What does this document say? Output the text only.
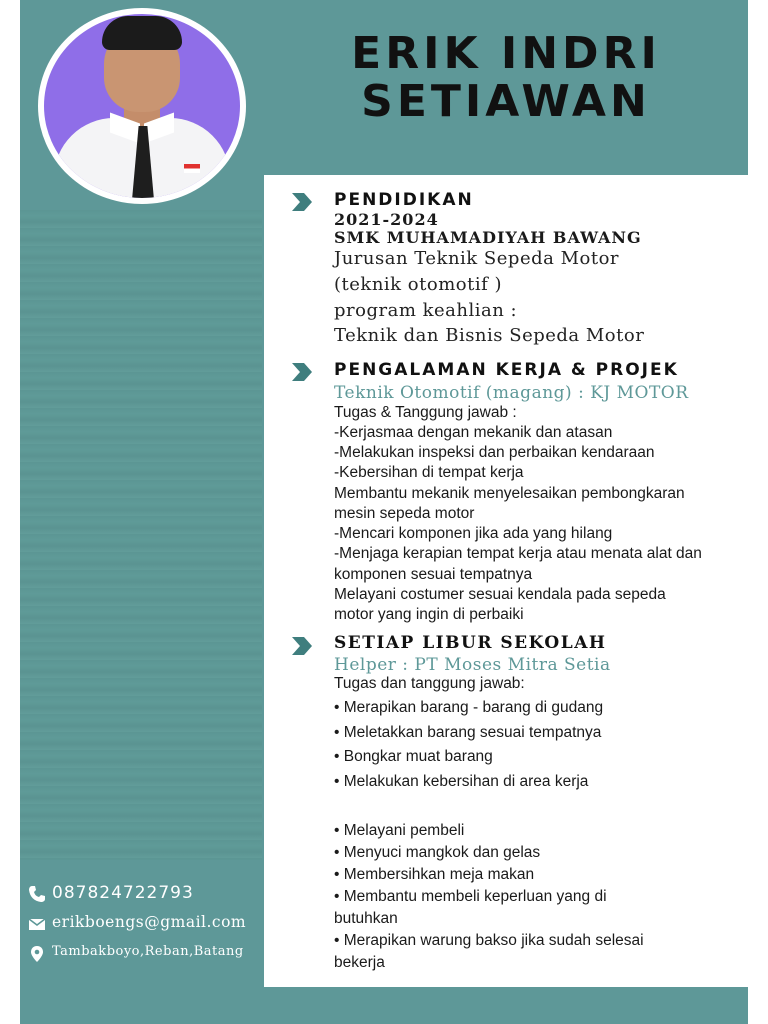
ERIK INDRI
SETIAWAN
PENDIDIKAN
2021-2024
SMK MUHAMADIYAH BAWANG
Jurusan Teknik Sepeda Motor
(teknik otomotif )
program keahlian :
Teknik dan Bisnis Sepeda Motor
PENGALAMAN KERJA & PROJEK
Teknik Otomotif (magang) : KJ MOTOR
Tugas & Tanggung jawab :
-Kerjasmaa dengan mekanik dan atasan
-Melakukan inspeksi dan perbaikan kendaraan
-Kebersihan di tempat kerja
Membantu mekanik menyelesaikan pembongkaran
mesin sepeda motor
-Mencari komponen jika ada yang hilang
-Menjaga kerapian tempat kerja atau menata alat dan
komponen sesuai tempatnya
Melayani costumer sesuai kendala pada sepeda
motor yang ingin di perbaiki
SETIAP LIBUR SEKOLAH
Helper : PT Moses Mitra Setia
Tugas dan tanggung jawab:
• Merapikan barang - barang di gudang
• Meletakkan barang sesuai tempatnya
• Bongkar muat barang
• Melakukan kebersihan di area kerja
• Melayani pembeli
• Menyuci mangkok dan gelas
• Membersihkan meja makan
• Membantu membeli keperluan yang di
butuhkan
• Merapikan warung bakso jika sudah selesai
bekerja
087824722793
erikboengs@gmail.com
Tambakboyo,Reban,Batang
